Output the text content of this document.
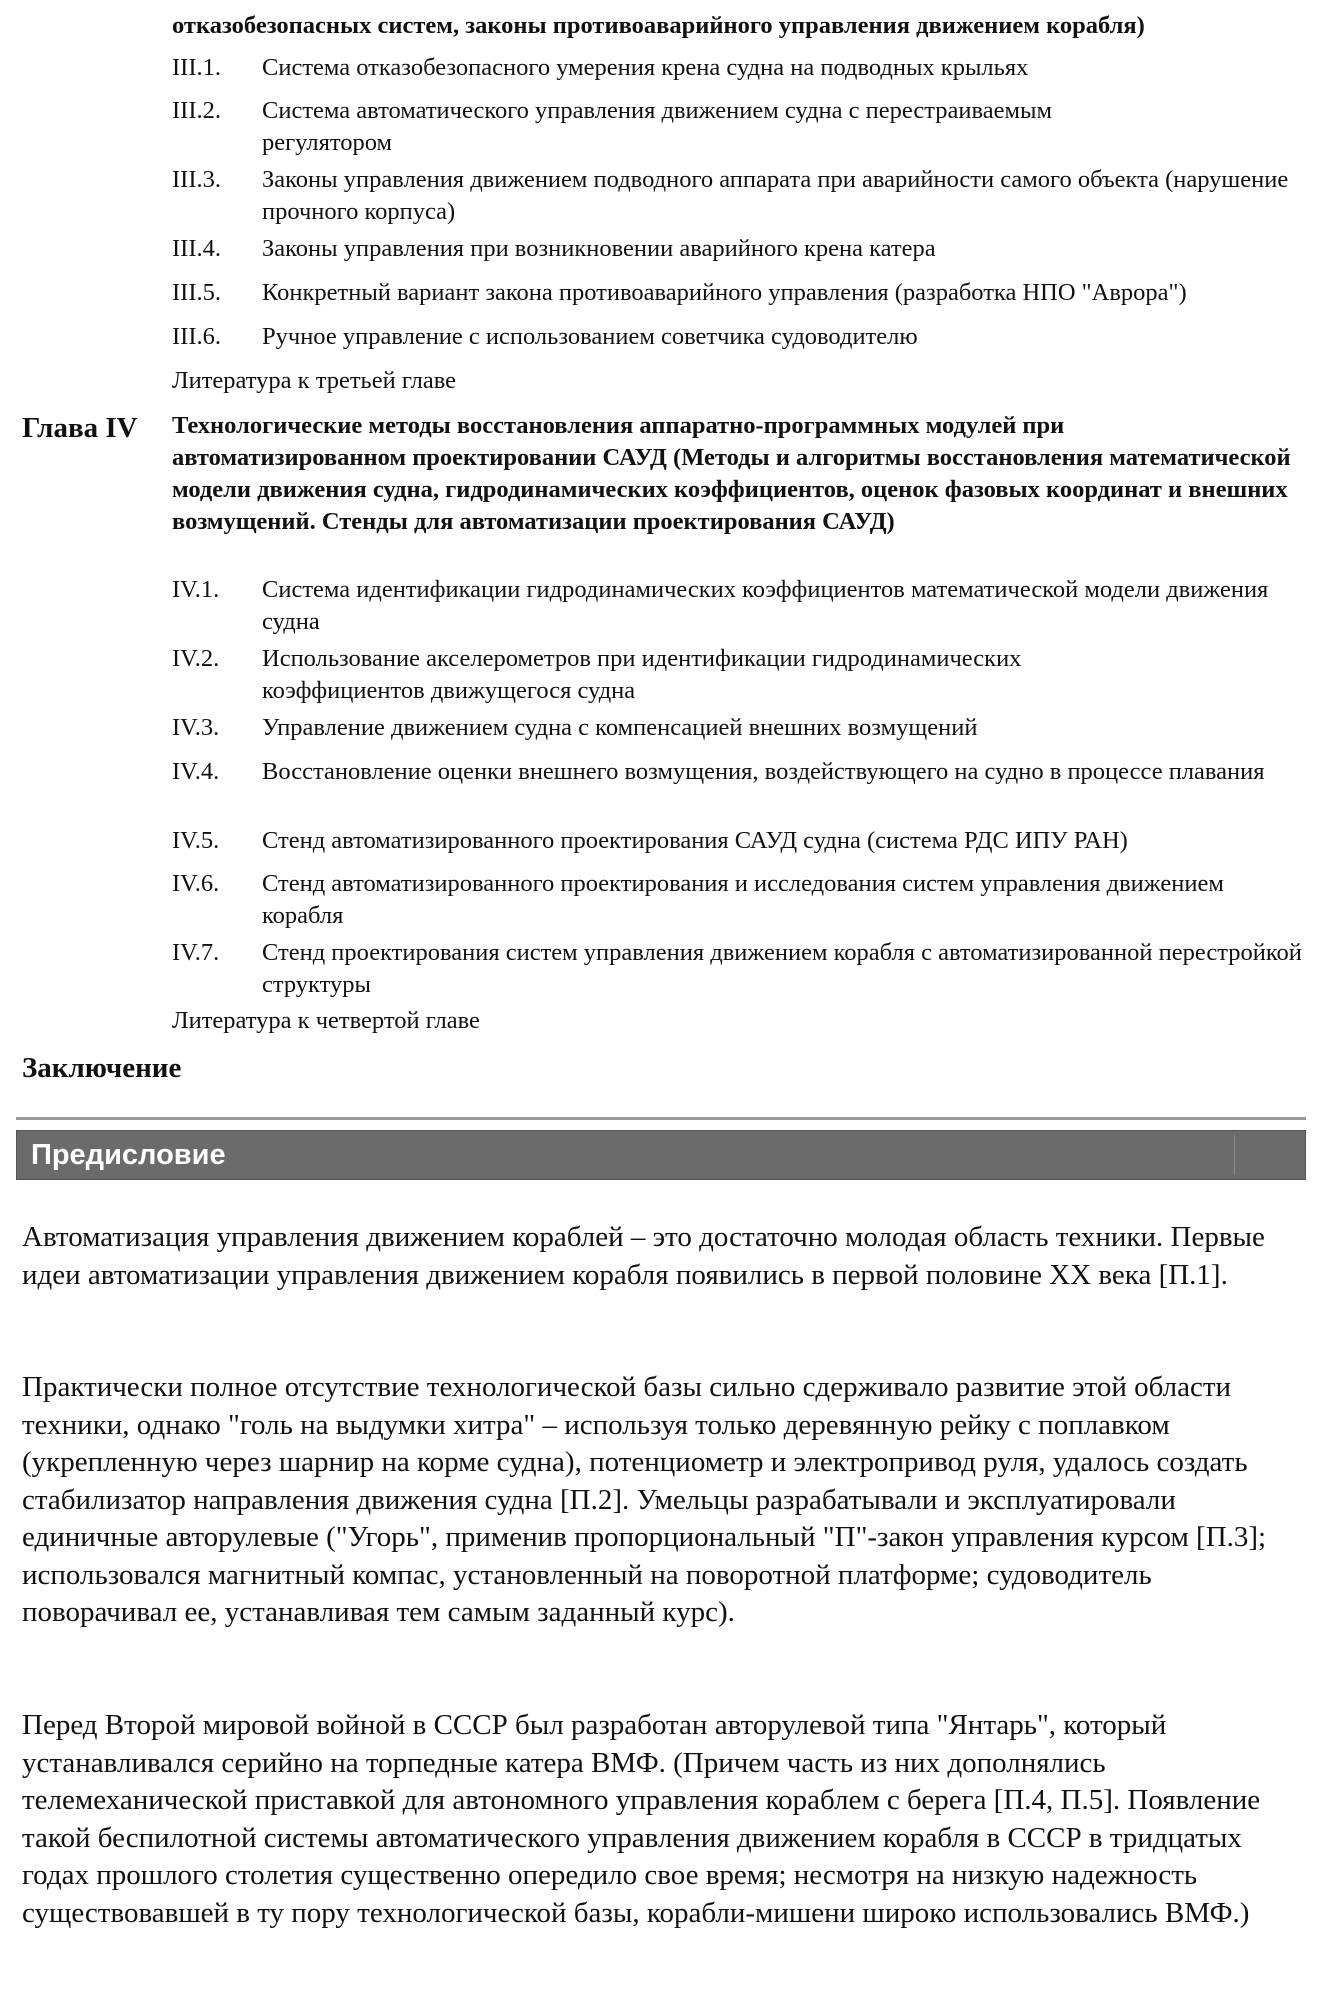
отказобезопасных систем, законы противоаварийного управления движением корабля)

III.1.	Система отказобезопасного умерения крена судна на подводных крыльях
III.2.	Система автоматического управления движением судна с перестраиваемым регулятором
III.3.	Законы управления движением подводного аппарата при аварийности самого объекта (нарушение прочного корпуса)
III.4.	Законы управления при возникновении аварийного крена катера
III.5.	Конкретный вариант закона противоаварийного управления (разработка НПО "Аврора")
III.6.	Ручное управление с использованием советчика судоводителю
Литература к третьей главе
Глава IV Технологические методы восстановления аппаратно-программных модулей при автоматизированном проектировании САУД (Методы и алгоритмы восстановления математической модели движения судна, гидродинамических коэффициентов, оценок фазовых координат и внешних возмущений. Стенды для автоматизации проектирования САУД)

IV.1.	Система идентификации гидродинамических коэффициентов математической модели движения судна
IV.2.	Использование акселерометров при идентификации гидродинамических коэффициентов движущегося судна
IV.3.	Управление движением судна с компенсацией внешних возмущений
IV.4.	Восстановление оценки внешнего возмущения, воздействующего на судно в процессе плавания
IV.5.	Стенд автоматизированного проектирования САУД судна (система РДС ИПУ РАН)
IV.6.	Стенд автоматизированного проектирования и исследования систем управления движением корабля
IV.7.	Стенд проектирования систем управления движением корабля с автоматизированной перестройкой структуры
Литература к четвертой главе
Заключение
Предисловие

Автоматизация управления движением кораблей – это достаточно молодая область техники. Первые идеи автоматизации управления движением корабля появились в первой половине XX века [П.1].

Практически полное отсутствие технологической базы сильно сдерживало развитие этой области техники, однако "голь на выдумки хитра" – используя только деревянную рейку с поплавком (укрепленную через шарнир на корме судна), потенциометр и электропривод руля, удалось создать стабилизатор направления движения судна [П.2]. Умельцы разрабатывали и эксплуатировали единичные авторулевые ("Угорь", применив пропорциональный "П"-закон управления курсом [П.3]; использовался магнитный компас, установленный на поворотной платформе; судоводитель поворачивал ее, устанавливая тем самым заданный курс).

Перед Второй мировой войной в СССР был разработан авторулевой типа "Янтарь", который устанавливался серийно на торпедные катера ВМФ. (Причем часть из них дополнялись телемеханической приставкой для автономного управления кораблем с берега [П.4, П.5]. Появление такой беспилотной системы автоматического управления движением корабля в СССР в тридцатых годах прошлого столетия существенно опередило свое время; несмотря на низкую надежность существовавшей в ту пору технологической базы, корабли-мишени широко использовались ВМФ.)
